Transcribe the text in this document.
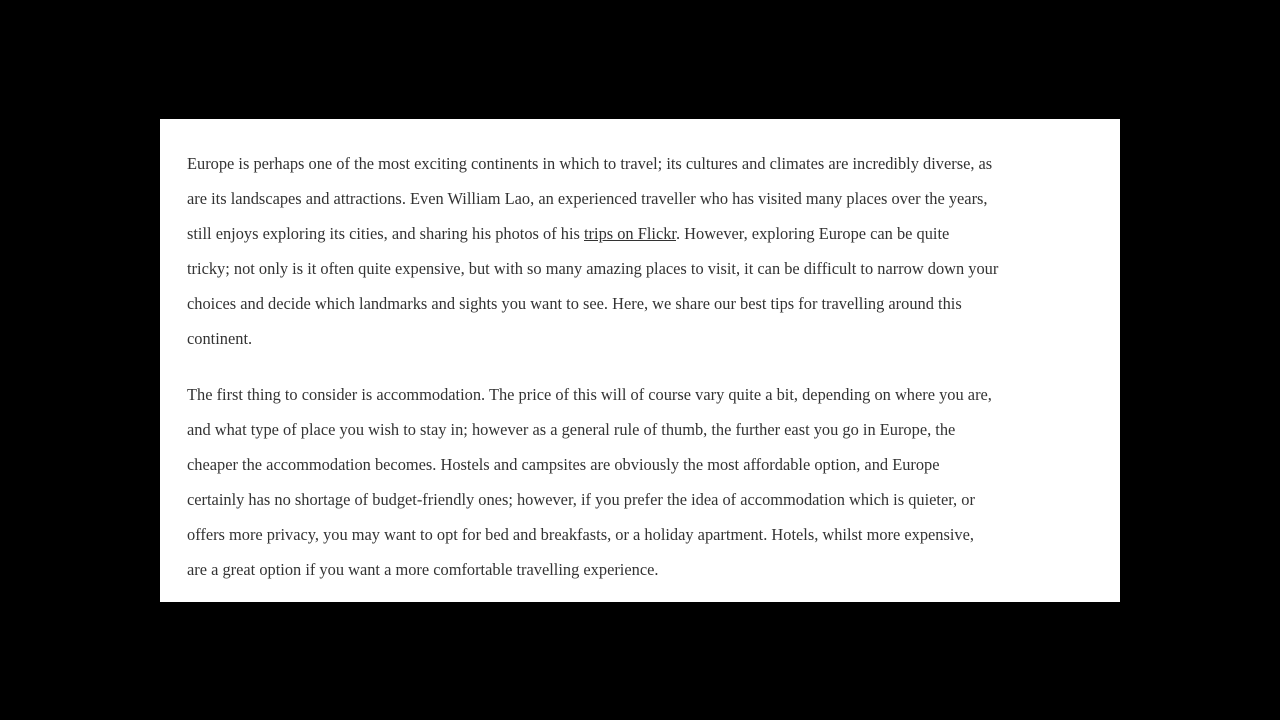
Europe is perhaps one of the most exciting continents in which to travel; its cultures and climates are incredibly diverse, as
are its landscapes and attractions. Even William Lao, an experienced traveller who has visited many places over the years,
still enjoys exploring its cities, and sharing his photos of his trips on Flickr. However, exploring Europe can be quite
tricky; not only is it often quite expensive, but with so many amazing places to visit, it can be difficult to narrow down your
choices and decide which landmarks and sights you want to see. Here, we share our best tips for travelling around this
continent.

The first thing to consider is accommodation. The price of this will of course vary quite a bit, depending on where you are,
and what type of place you wish to stay in; however as a general rule of thumb, the further east you go in Europe, the
cheaper the accommodation becomes. Hostels and campsites are obviously the most affordable option, and Europe
certainly has no shortage of budget-friendly ones; however, if you prefer the idea of accommodation which is quieter, or
offers more privacy, you may want to opt for bed and breakfasts, or a holiday apartment. Hotels, whilst more expensive,
are a great option if you want a more comfortable travelling experience.
